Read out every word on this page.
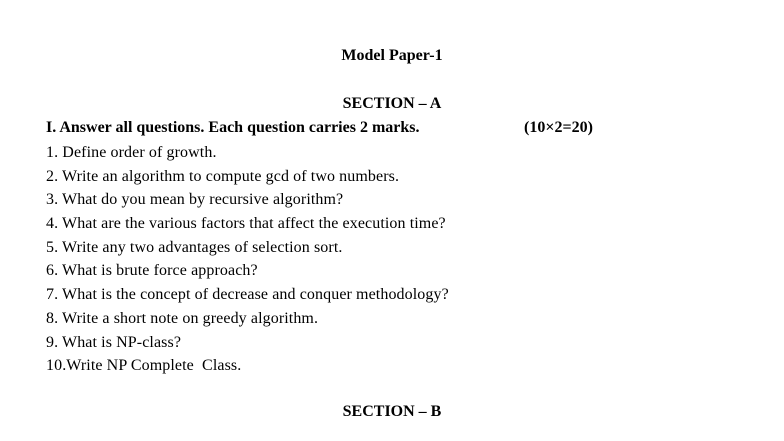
Model Paper-1
SECTION – A
I. Answer all questions. Each question carries 2 marks.	(10×2=20)
1. Define order of growth.
2. Write an algorithm to compute gcd of two numbers.
3. What do you mean by recursive algorithm?
4. What are the various factors that affect the execution time?
5. Write any two advantages of selection sort.
6. What is brute force approach?
7. What is the concept of decrease and conquer methodology?
8. Write a short note on greedy algorithm.
9. What is NP-class?
10.Write NP Complete  Class.
SECTION – B
